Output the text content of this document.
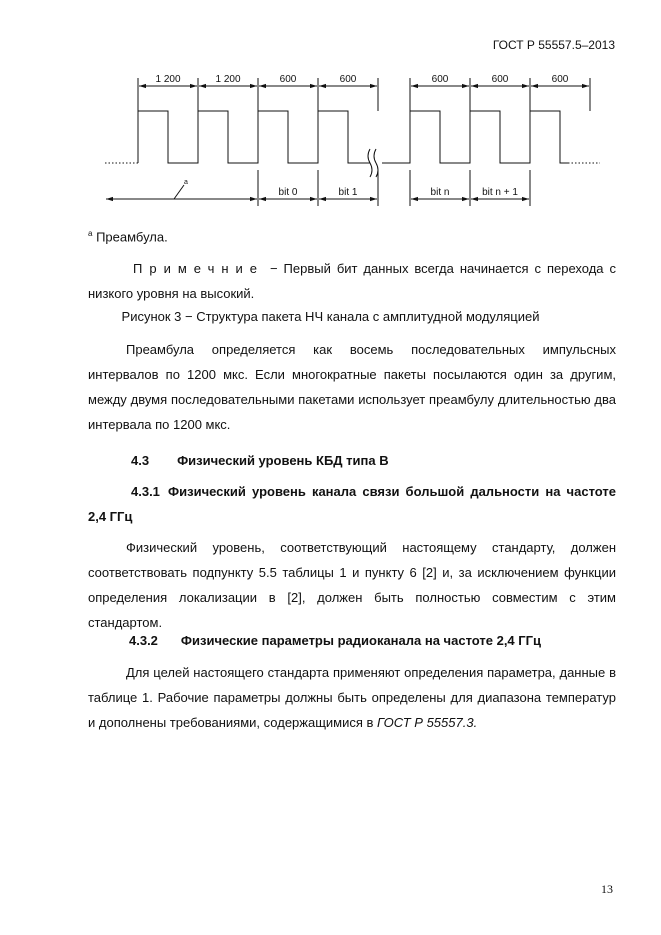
ГОСТ Р 55557.5–2013
1 200	1 200	600	600	600	600	600
a
bit 0	bit 1	bit n	bit n + 1

$^а$ Преамбула.

Примечние − Первый бит данных всегда начинается с перехода с низкого уровня на высокий.

Рисунок 3 − Структура пакета НЧ канала с амплитудной модуляцией

Преамбула определяется как восемь последовательных импульсных интервалов по 1200 мкс. Если многократные пакеты посылаются один за другим, между двумя последовательными пакетами использует преамбулу длительностью два интервала по 1200 мкс.

4.3 Физический уровень КБД типа В

4.3.1 Физический уровень канала связи большой дальности на частоте 2,4 ГГц

Физический уровень, соответствующий настоящему стандарту, должен соответствовать подпункту 5.5 таблицы 1 и пункту 6 [2] и, за исключением функции определения локализации в [2], должен быть полностью совместим с этим стандартом.

4.3.2 Физические параметры радиоканала на частоте 2,4 ГГц

Для целей настоящего стандарта применяют определения параметра, данные в таблице 1. Рабочие параметры должны быть определены для диапазона температур и дополнены требованиями, содержащимися в ГОСТ Р 55557.3.

13
